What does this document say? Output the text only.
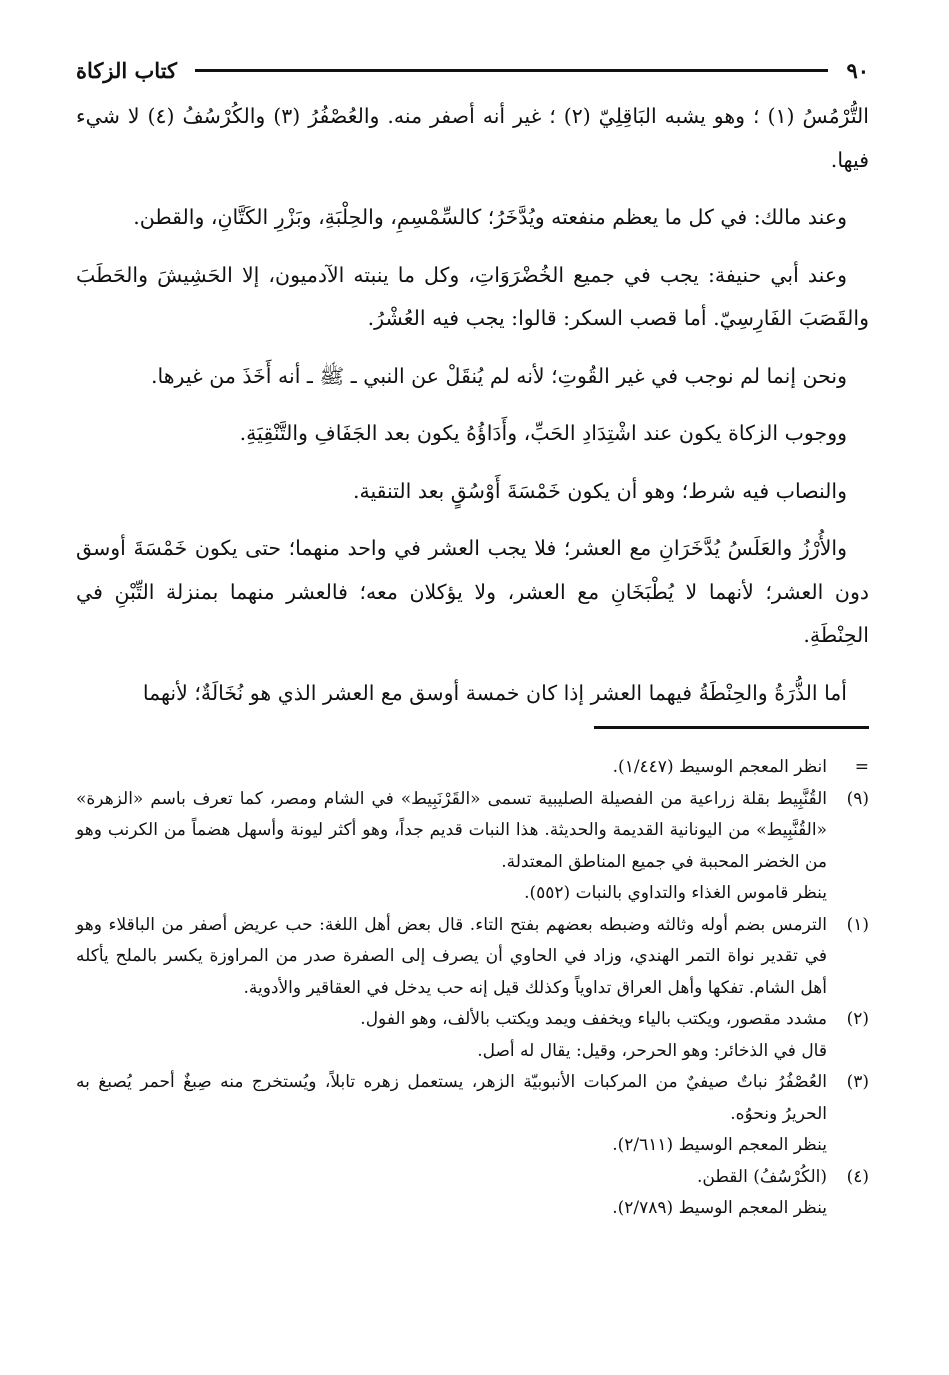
٩٠
كتاب الزكاة

التُّرْمُسُ (١) ؛ وهو يشبه البَاقِلِيّ (٢) ؛ غير أنه أصفر منه. والعُصْفُرُ (٣) والكُرْسُفُ (٤) لا شيء فيها.

وعند مالك: في كل ما يعظم منفعته ويُدَّخَرُ؛ كالسِّمْسِمِ، والحِلْبَةِ، وبَزْرِ الكَتَّانِ، والقطن.

وعند أبي حنيفة: يجب في جميع الخُضْرَوَاتِ، وكل ما ينبته الآدميون، إلا الحَشِيشَ والحَطَبَ والقَصَبَ الفَارِسِيّ. أما قصب السكر: قالوا: يجب فيه العُشْرُ.

ونحن إنما لم نوجب في غير القُوتِ؛ لأنه لم يُنقَلْ عن النبي ـ ﷺ ـ أنه أَخَذَ من غيرها.

ووجوب الزكاة يكون عند اشْتِدَادِ الحَبِّ، وأَدَاؤُهُ يكون بعد الجَفَافِ والتَّنْقِيَةِ.

والنصاب فيه شرط؛ وهو أن يكون خَمْسَةَ أَوْسُقٍ بعد التنقية.

والأُرْزُ والعَلَسُ يُدَّخَرَانِ مع العشر؛ فلا يجب العشر في واحد منهما؛ حتى يكون خَمْسَةَ أوسق دون العشر؛ لأنهما لا يُطْبَخَانِ مع العشر، ولا يؤكلان معه؛ فالعشر منهما بمنزلة التِّبْنِ في الحِنْطَةِ.

أما الذُّرَةُ والحِنْطَةُ فيهما العشر إذا كان خمسة أوسق مع العشر الذي هو نُخَالَةٌ؛ لأنهما

=
انظر المعجم الوسيط (١/٤٤٧).
(٩)
القُنَّبِيط بقلة زراعية من الفصيلة الصليبية تسمى «القَرْنَبِيط» في الشام ومصر، كما تعرف باسم «الزهرة» «القُنَّبِيط» من اليونانية القديمة والحديثة. هذا النبات قديم جداً، وهو أكثر ليونة وأسهل هضماً من الكرنب وهو من الخضر المحببة في جميع المناطق المعتدلة.
ينظر قاموس الغذاء والتداوي بالنبات (٥٥٢).
(١)
الترمس بضم أوله وثالثه وضبطه بعضهم بفتح التاء. قال بعض أهل اللغة: حب عريض أصفر من الباقلاء وهو في تقدير نواة التمر الهندي، وزاد في الحاوي أن يصرف إلى الصفرة صدر من المراوزة يكسر بالملح يأكله أهل الشام. تفكها وأهل العراق تداوياً وكذلك قيل إنه حب يدخل في العقاقير والأدوية.
(٢)
مشدد مقصور، ويكتب بالياء ويخفف ويمد ويكتب بالألف، وهو الفول.
قال في الذخائر: وهو الحرحر، وقيل: يقال له أصل.
(٣)
العُصْفُرُ نباتٌ صيفيٌ من المركبات الأنبوبيّة الزهر، يستعمل زهره تابلاً، ويُستخرج منه صِبغٌ أحمر يُصبغ به الحريرُ ونحوُه.
ينظر المعجم الوسيط (٢/٦١١).
(٤)
(الكُرْسُفُ) القطن.
ينظر المعجم الوسيط (٢/٧٨٩).
